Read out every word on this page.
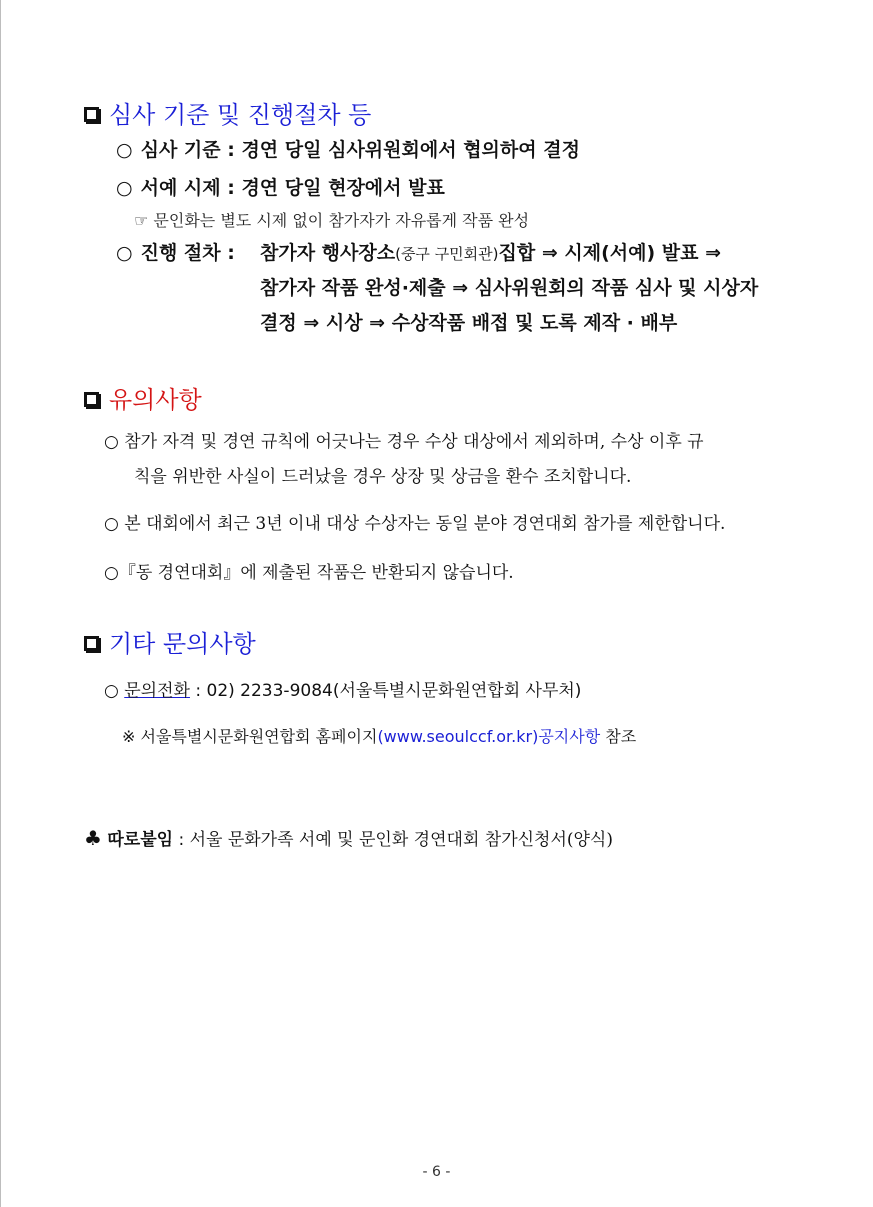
심사 기준 및 진행절차 등
○ 심사 기준 : 경연 당일 심사위원회에서 협의하여 결정
○ 서예 시제 : 경연 당일 현장에서 발표
☞ 문인화는 별도 시제 없이 참가자가 자유롭게 작품 완성
○ 진행 절차 : 참가자 행사장소(중구 구민회관)집합 ⇒ 시제(서예) 발표 ⇒
참가자 작품 완성·제출 ⇒ 심사위원회의 작품 심사 및 시상자
결정 ⇒ 시상 ⇒ 수상작품 배접 및 도록 제작 · 배부
유의사항
○ 참가 자격 및 경연 규칙에 어긋나는 경우 수상 대상에서 제외하며, 수상 이후 규
칙을 위반한 사실이 드러났을 경우 상장 및 상금을 환수 조치합니다.
○ 본 대회에서 최근 3년 이내 대상 수상자는 동일 분야 경연대회 참가를 제한합니다.
○『동 경연대회』에 제출된 작품은 반환되지 않습니다.
기타 문의사항
○ 문의전화 : 02) 2233-9084(서울특별시문화원연합회 사무처)
※ 서울특별시문화원연합회 홈페이지(www.seoulccf.or.kr)공지사항 참조
♣ 따로붙임 : 서울 문화가족 서예 및 문인화 경연대회 참가신청서(양식)
- 6 -
